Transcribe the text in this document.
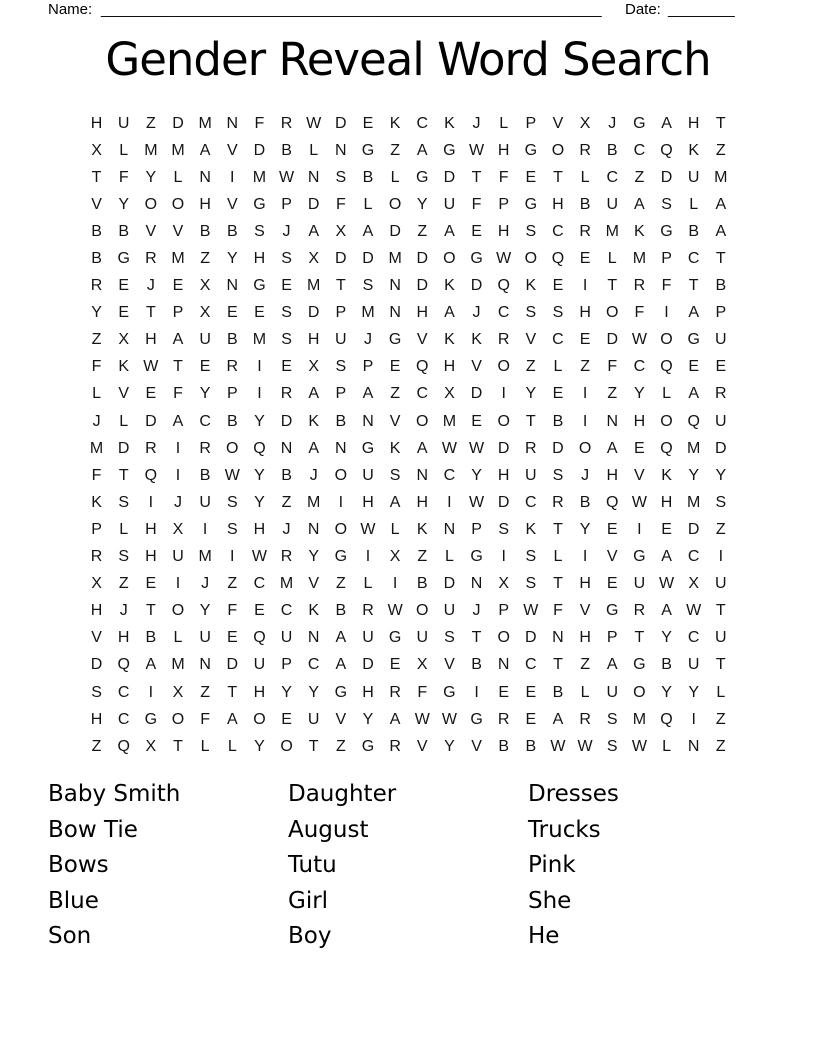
Name: ____________________________________________________________ Date: ________
Gender Reveal Word Search
H U	Z	D M N	F	R W D	E	K	C	K	J	L	P	V	X	J	G A	H	T
X	L	M M A	V	D	B	L	N G	Z	A G W H G O R	B	C Q K	Z
T	F	Y	L	N	I	M W N	S	B	L	G D	T	F	E	T	L	C	Z	D U M
V	Y O O H	V G P	D	F	L	O Y	U	F	P G H	B	U	A	S	L	A
B	B	V	V	B	B	S	J	A	X	A	D	Z	A	E	H	S	C R M K G B	A
B G R M Z	Y	H	S	X	D D M D O G W O Q E	L	M P	C	T
R	E	J	E	X	N G E M T	S	N D	K	D Q K	E	I	T	R	F	T	B
Y	E	T	P	X	E	E	S	D	P M N H	A	J	C	S	S	H O	F	I	A	P
Z	X	H	A	U	B M S	H U	J	G V	K	K	R	V	C	E	D W O G U
F	K W T	E	R	I	E	X	S	P	E Q H	V O	Z	L	Z	F	C Q E	E
L	V	E	F	Y	P	I	R	A	P	A	Z	C	X	D	I	Y	E	I	Z	Y	L	A	R
J	L	D	A	C	B	Y	D	K	B	N	V O M E O	T	B	I	N H O Q U
M D R	I	R O Q N	A	N G K	A W W D R D O A	E Q M D
F	T	Q	I	B W Y	B	J	O U	S	N C	Y	H U	S	J	H	V	K	Y	Y
K	S	I	J	U	S	Y	Z M	I	H	A	H	I	W D C R	B Q W H M S
P	L	H	X	I	S	H	J	N O W L	K	N	P	S	K	T	Y	E	I	E	D	Z
R	S	H U M	I	W R	Y G	I	X	Z	L	G	I	S	L	I	V G A	C	I
X	Z	E	I	J	Z	C M V	Z	L	I	B	D N	X	S	T	H	E	U W X	U
H	J	T	O Y	F	E	C	K	B	R W O U	J	P W F	V G R	A W T
V	H	B	L	U	E Q U N	A	U G U	S	T	O D N H	P	T	Y	C U
D Q A M N D U	P	C	A	D	E	X	V	B	N C	T	Z	A G B	U	T
S	C	I	X	Z	T	H	Y	Y G H R	F	G	I	E	E	B	L	U O Y	Y	L
H C G O	F	A O E	U	V	Y	A W W G R	E	A	R	S M Q	I	Z
Z	Q X	T	L	L	Y O	T	Z	G R	V	Y	V	B	B W W S W L	N	Z
Baby Smith
Bow Tie
Bows
Blue
Son
Daughter
August
Tutu
Girl
Boy
Dresses
Trucks
Pink
She
He
